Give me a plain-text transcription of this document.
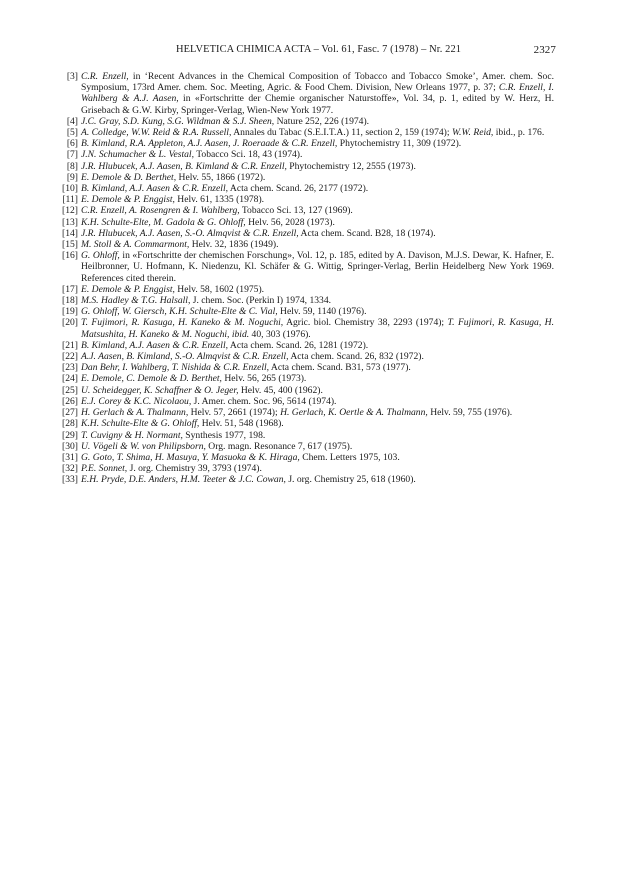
HELVETICA CHIMICA ACTA – Vol. 61, Fasc. 7 (1978) – Nr. 221	2327
[3] C.R. Enzell, in ‘Recent Advances in the Chemical Composition of Tobacco and Tobacco Smoke’, Amer. chem. Soc. Symposium, 173rd Amer. chem. Soc. Meeting, Agric. & Food Chem. Division, New Orleans 1977, p. 37; C.R. Enzell, I. Wahlberg & A.J. Aasen, in «Fortschritte der Chemie organischer Naturstoffe», Vol. 34, p. 1, edited by W. Herz, H. Grisebach & G.W. Kirby, Springer-Verlag, Wien-New York 1977.
[4] J.C. Gray, S.D. Kung, S.G. Wildman & S.J. Sheen, Nature 252, 226 (1974).
[5] A. Colledge, W.W. Reid & R.A. Russell, Annales du Tabac (S.E.I.T.A.) 11, section 2, 159 (1974); W.W. Reid, ibid., p. 176.
[6] B. Kimland, R.A. Appleton, A.J. Aasen, J. Roeraade & C.R. Enzell, Phytochemistry 11, 309 (1972).
[7] J.N. Schumacher & L. Vestal, Tobacco Sci. 18, 43 (1974).
[8] J.R. Hlubucek, A.J. Aasen, B. Kimland & C.R. Enzell, Phytochemistry 12, 2555 (1973).
[9] E. Demole & D. Berthet, Helv. 55, 1866 (1972).
[10] B. Kimland, A.J. Aasen & C.R. Enzell, Acta chem. Scand. 26, 2177 (1972).
[11] E. Demole & P. Enggist, Helv. 61, 1335 (1978).
[12] C.R. Enzell, A. Rosengren & I. Wahlberg, Tobacco Sci. 13, 127 (1969).
[13] K.H. Schulte-Elte, M. Gadola & G. Ohloff, Helv. 56, 2028 (1973).
[14] J.R. Hlubucek, A.J. Aasen, S.-O. Almqvist & C.R. Enzell, Acta chem. Scand. B28, 18 (1974).
[15] M. Stoll & A. Commarmont, Helv. 32, 1836 (1949).
[16] G. Ohloff, in «Fortschritte der chemischen Forschung», Vol. 12, p. 185, edited by A. Davison, M.J.S. Dewar, K. Hafner, E. Heilbronner, U. Hofmann, K. Niedenzu, Kl. Schäfer & G. Wittig, Springer-Verlag, Berlin Heidelberg New York 1969. References cited therein.
[17] E. Demole & P. Enggist, Helv. 58, 1602 (1975).
[18] M.S. Hadley & T.G. Halsall, J. chem. Soc. (Perkin I) 1974, 1334.
[19] G. Ohloff, W. Giersch, K.H. Schulte-Elte & C. Vial, Helv. 59, 1140 (1976).
[20] T. Fujimori, R. Kasuga, H. Kaneko & M. Noguchi, Agric. biol. Chemistry 38, 2293 (1974); T. Fujimori, R. Kasuga, H. Matsushita, H. Kaneko & M. Noguchi, ibid. 40, 303 (1976).
[21] B. Kimland, A.J. Aasen & C.R. Enzell, Acta chem. Scand. 26, 1281 (1972).
[22] A.J. Aasen, B. Kimland, S.-O. Almqvist & C.R. Enzell, Acta chem. Scand. 26, 832 (1972).
[23] Dan Behr, I. Wahlberg, T. Nishida & C.R. Enzell, Acta chem. Scand. B31, 573 (1977).
[24] E. Demole, C. Demole & D. Berthet, Helv. 56, 265 (1973).
[25] U. Scheidegger, K. Schaffner & O. Jeger, Helv. 45, 400 (1962).
[26] E.J. Corey & K.C. Nicolaou, J. Amer. chem. Soc. 96, 5614 (1974).
[27] H. Gerlach & A. Thalmann, Helv. 57, 2661 (1974); H. Gerlach, K. Oertle & A. Thalmann, Helv. 59, 755 (1976).
[28] K.H. Schulte-Elte & G. Ohloff, Helv. 51, 548 (1968).
[29] T. Cuvigny & H. Normant, Synthesis 1977, 198.
[30] U. Vögeli & W. von Philipsborn, Org. magn. Resonance 7, 617 (1975).
[31] G. Goto, T. Shima, H. Masuya, Y. Masuoka & K. Hiraga, Chem. Letters 1975, 103.
[32] P.E. Sonnet, J. org. Chemistry 39, 3793 (1974).
[33] E.H. Pryde, D.E. Anders, H.M. Teeter & J.C. Cowan, J. org. Chemistry 25, 618 (1960).
